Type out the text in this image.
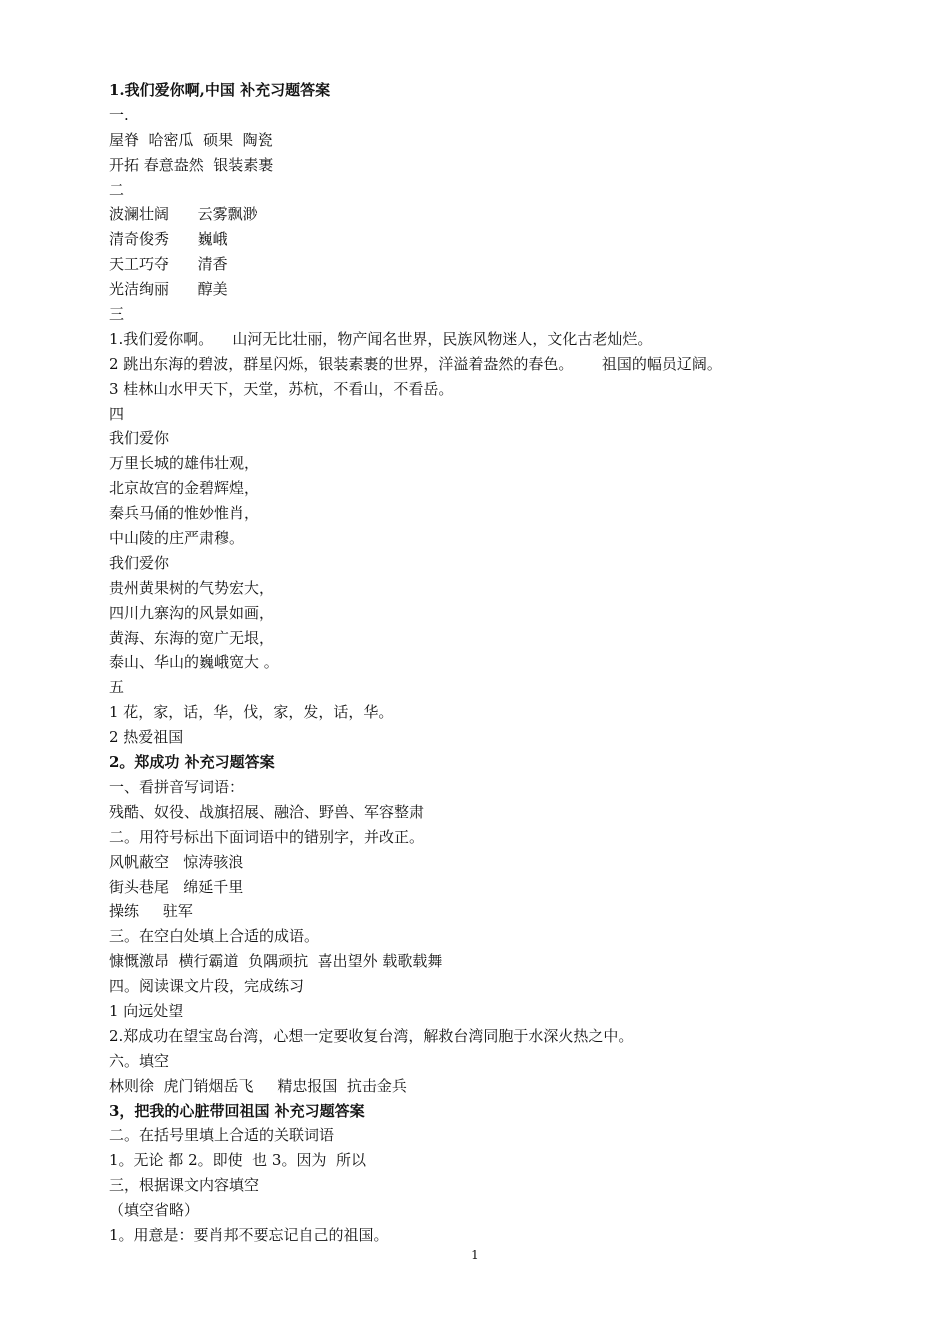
1.我们爱你啊,中国 补充习题答案
一.
屋脊  哈密瓜  硕果  陶瓷
开拓 春意盎然  银装素裹
二
波澜壮阔      云雾飘渺
清奇俊秀      巍峨
天工巧夺      清香
光洁绚丽      醇美
三
1.我们爱你啊。    山河无比壮丽，物产闻名世界，民族风物迷人，文化古老灿烂。
2 跳出东海的碧波，群星闪烁，银装素裹的世界，洋溢着盎然的春色。      祖国的幅员辽阔。
3 桂林山水甲天下，天堂，苏杭，不看山，不看岳。
四
我们爱你
万里长城的雄伟壮观，
北京故宫的金碧辉煌，
秦兵马俑的惟妙惟肖，
中山陵的庄严肃穆。
我们爱你
贵州黄果树的气势宏大，
四川九寨沟的风景如画，
黄海、东海的宽广无垠，
泰山、华山的巍峨宽大 。
五
1 花，家，话，华，伐，家，发，话，华。
2 热爱祖国
2。郑成功 补充习题答案
一、看拼音写词语：
残酷、奴役、战旗招展、融洽、野兽、军容整肃
二。用符号标出下面词语中的错别字，并改正。
风帆蔽空   惊涛骇浪
街头巷尾   绵延千里
操练     驻军
三。在空白处填上合适的成语。
慷慨激昂  横行霸道  负隅顽抗  喜出望外 载歌载舞
四。阅读课文片段，完成练习
1 向远处望
2.郑成功在望宝岛台湾，心想一定要收复台湾，解救台湾同胞于水深火热之中。
六。填空
林则徐  虎门销烟岳飞     精忠报国  抗击金兵
3，把我的心脏带回祖国 补充习题答案
二。在括号里填上合适的关联词语
1。无论 都 2。即使  也 3。因为  所以
三，根据课文内容填空
（填空省略）
1。用意是：要肖邦不要忘记自己的祖国。
1
